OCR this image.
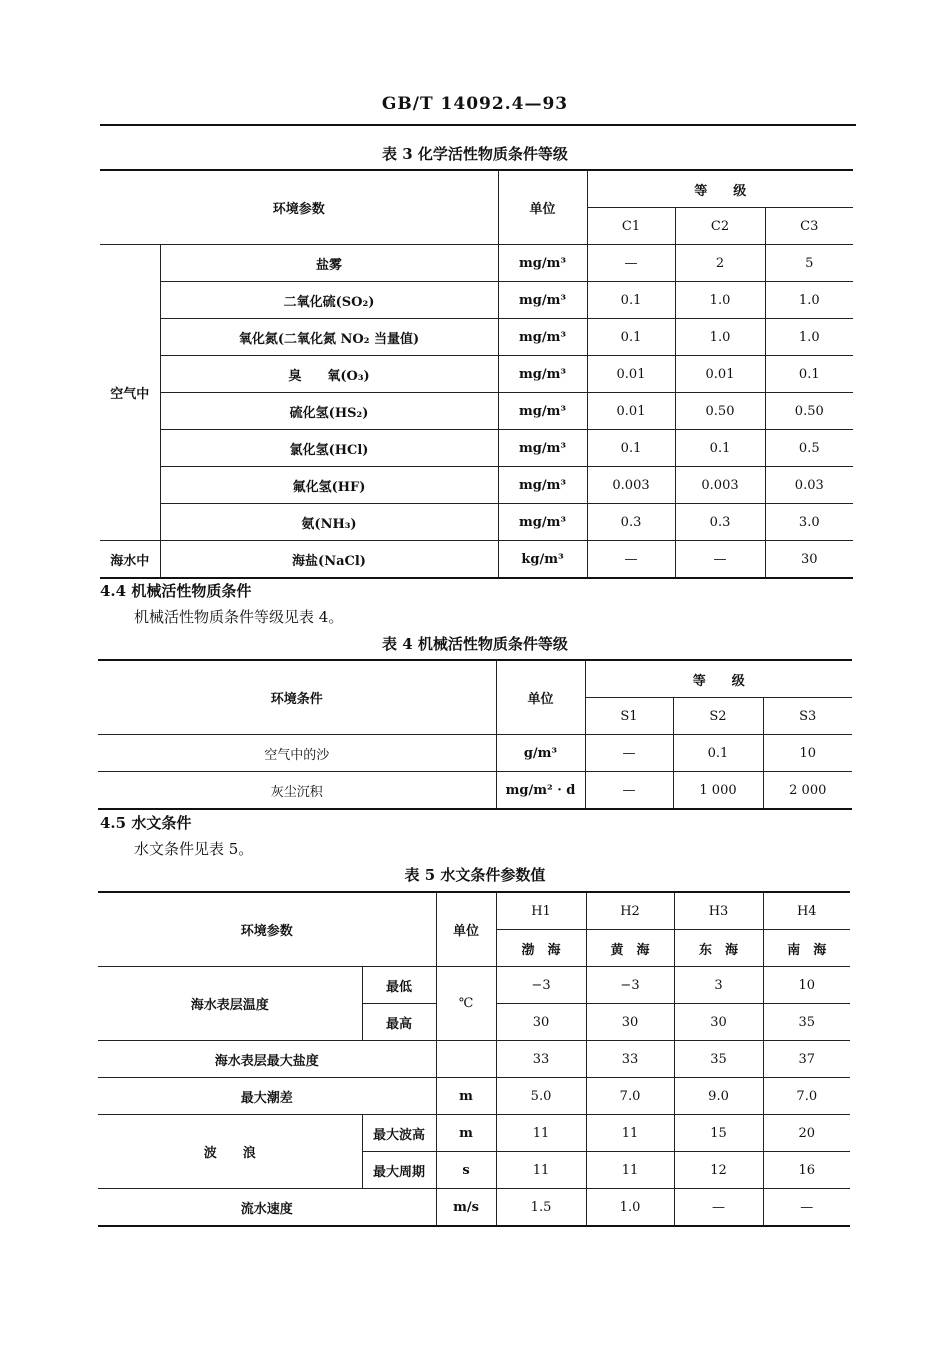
GB/T 14092.4—93
表 3 化学活性物质条件等级
环境参数		单位	等　　级		
			C1	C2	C3
空气中	盐雾	mg/m³	—	2	5
	二氧化硫(SO₂)	mg/m³	0.1	1.0	1.0
	氧化氮(二氧化氮 NO₂ 当量值)	mg/m³	0.1	1.0	1.0
	臭　　氧(O₃)	mg/m³	0.01	0.01	0.1
	硫化氢(HS₂)	mg/m³	0.01	0.50	0.50
	氯化氢(HCl)	mg/m³	0.1	0.1	0.5
	氟化氢(HF)	mg/m³	0.003	0.003	0.03
	氨(NH₃)	mg/m³	0.3	0.3	3.0
海水中	海盐(NaCl)	kg/m³	—	—	30
4.4 机械活性物质条件
机械活性物质条件等级见表 4。
表 4 机械活性物质条件等级
环境条件	单位	等　　级		
		S1	S2	S3
空气中的沙	g/m³	—	0.1	10
灰尘沉积	mg/m² · d	—	1 000	2 000
4.5 水文条件
水文条件见表 5。
表 5 水文条件参数值
环境参数		单位	H1	H2	H3	H4
			渤　海	黄　海	东　海	南　海
海水表层温度	最低	℃	−3	−3	3	10
	最高		30	30	30	35
海水表层最大盐度			33	33	35	37
最大潮差		m	5.0	7.0	9.0	7.0
波　　浪	最大波高	m	11	11	15	20
	最大周期	s	11	11	12	16
流水速度		m/s	1.5	1.0	—	—
